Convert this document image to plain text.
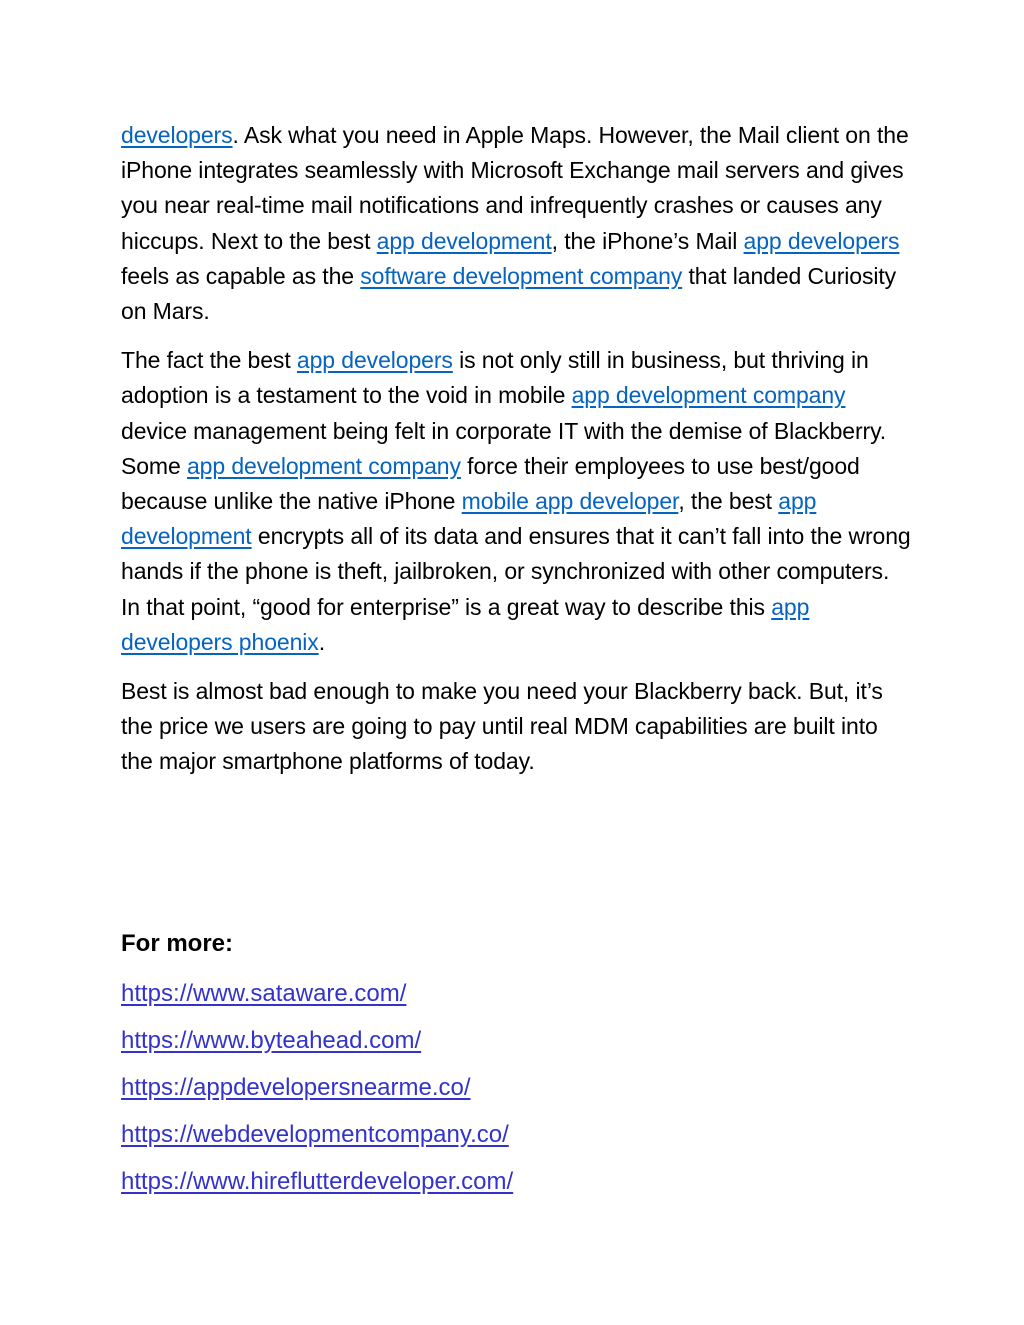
developers. Ask what you need in Apple Maps. However, the Mail client on the iPhone integrates seamlessly with Microsoft Exchange mail servers and gives you near real-time mail notifications and infrequently crashes or causes any hiccups. Next to the best app development, the iPhone’s Mail app developers feels as capable as the software development company that landed Curiosity on Mars.

The fact the best app developers is not only still in business, but thriving in adoption is a testament to the void in mobile app development company device management being felt in corporate IT with the demise of Blackberry. Some app development company force their employees to use best/good because unlike the native iPhone mobile app developer, the best app development encrypts all of its data and ensures that it can’t fall into the wrong hands if the phone is theft, jailbroken, or synchronized with other computers. In that point, “good for enterprise” is a great way to describe this app developers phoenix.

Best is almost bad enough to make you need your Blackberry back. But, it’s the price we users are going to pay until real MDM capabilities are built into the major smartphone platforms of today.

For more:
https://www.sataware.com/
https://www.byteahead.com/
https://appdevelopersnearme.co/
https://webdevelopmentcompany.co/
https://www.hireflutterdeveloper.com/
